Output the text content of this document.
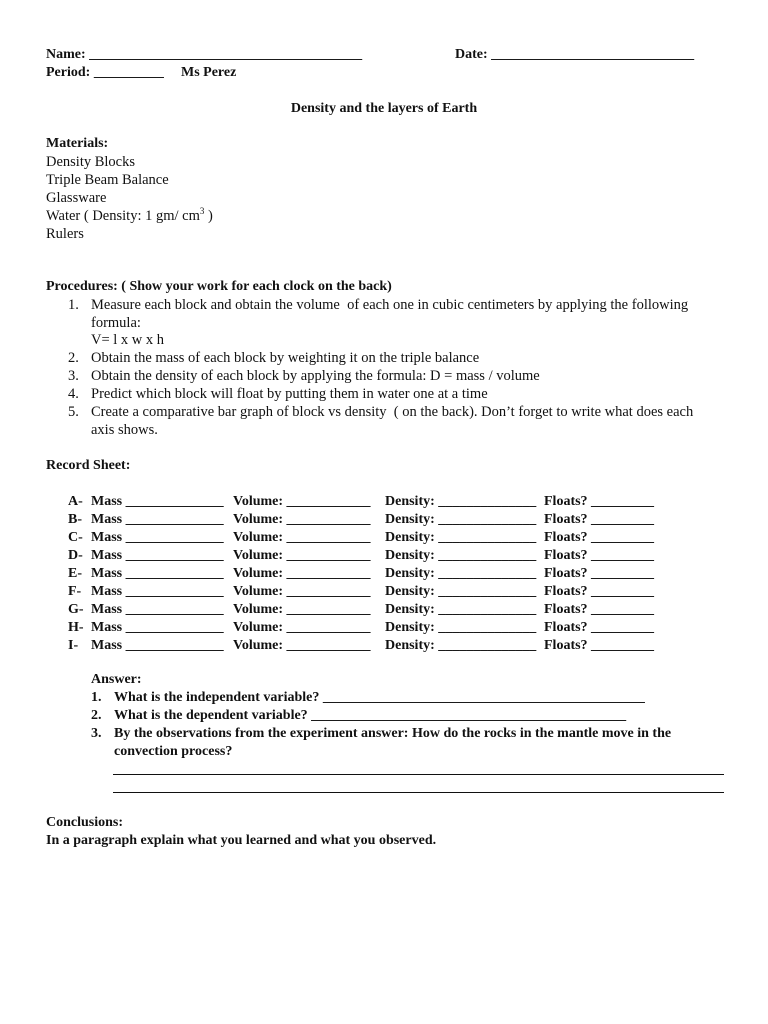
Name: _______________________________________	Date: _____________________________
Period: __________ Ms Perez
Density and the layers of Earth
Materials:
Density Blocks
Triple Beam Balance
Glassware
Water ( Density: 1 gm/ $cm^3$ )
Rulers
Procedures: ( Show your work for each clock on the back)
1. Measure each block and obtain the volume  of each one in cubic centimeters by applying the following
formula:
V= l x w x h
2. Obtain the mass of each block by weighting it on the triple balance
3. Obtain the density of each block by applying the formula: D = mass / volume
4. Predict which block will float by putting them in water one at a time
5. Create a comparative bar graph of block vs density  ( on the back). Don’t forget to write what does each
axis shows.
Record Sheet:
A- Mass ______________ Volume: ____________ Density: ______________ Floats? _________
B- Mass ______________ Volume: ____________ Density: ______________ Floats? _________
C- Mass ______________ Volume: ____________ Density: ______________ Floats? _________
D- Mass ______________ Volume: ____________ Density: ______________ Floats? _________
E- Mass ______________ Volume: ____________ Density: ______________ Floats? _________
F- Mass ______________ Volume: ____________ Density: ______________ Floats? _________
G- Mass ______________ Volume: ____________ Density: ______________ Floats? _________
H- Mass ______________ Volume: ____________ Density: ______________ Floats? _________
I- Mass ______________ Volume: ____________ Density: ______________ Floats? _________
Answer:
1. What is the independent variable? ______________________________________________
2. What is the dependent variable? _____________________________________________
3. By the observations from the experiment answer: How do the rocks in the mantle move in the
convection process?
Conclusions:
In a paragraph explain what you learned and what you observed.
